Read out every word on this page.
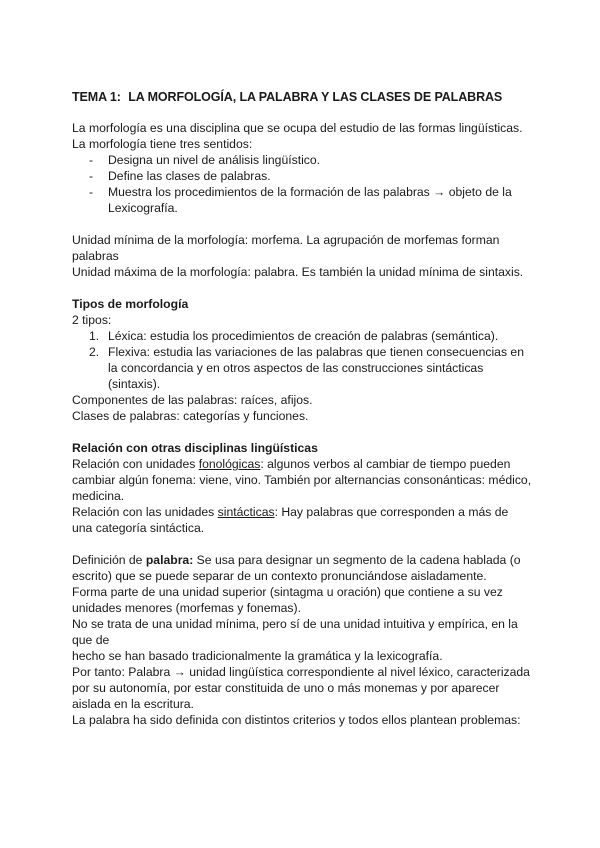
TEMA 1: LA MORFOLOGÍA, LA PALABRA Y LAS CLASES DE PALABRAS

La morfología es una disciplina que se ocupa del estudio de las formas lingüísticas.

La morfología tiene tres sentidos:

- Designa un nivel de análisis lingüístico.
- Define las clases de palabras.
- Muestra los procedimientos de la formación de las palabras → objeto de la Lexicografía.

Unidad mínima de la morfología: morfema. La agrupación de morfemas forman palabras

Unidad máxima de la morfología: palabra. Es también la unidad mínima de sintaxis.

Tipos de morfología

2 tipos:

1. Léxica: estudia los procedimientos de creación de palabras (semántica).
2. Flexiva: estudia las variaciones de las palabras que tienen consecuencias en la concordancia y en otros aspectos de las construcciones sintácticas (sintaxis).

Componentes de las palabras: raíces, afijos.

Clases de palabras: categorías y funciones.

Relación con otras disciplinas lingüísticas

Relación con unidades fonológicas: algunos verbos al cambiar de tiempo pueden cambiar algún fonema: viene, vino. También por alternancias consonánticas: médico, medicina.

Relación con las unidades sintácticas: Hay palabras que corresponden a más de una categoría sintáctica.

Definición de palabra: Se usa para designar un segmento de la cadena hablada (o escrito) que se puede separar de un contexto pronunciándose aisladamente.

Forma parte de una unidad superior (sintagma u oración) que contiene a su vez unidades menores (morfemas y fonemas).

No se trata de una unidad mínima, pero sí de una unidad intuitiva y empírica, en la que de

hecho se han basado tradicionalmente la gramática y la lexicografía.

Por tanto: Palabra → unidad lingüística correspondiente al nivel léxico, caracterizada por su autonomía, por estar constituida de uno o más monemas y por aparecer aislada en la escritura.

La palabra ha sido definida con distintos criterios y todos ellos plantean problemas:
